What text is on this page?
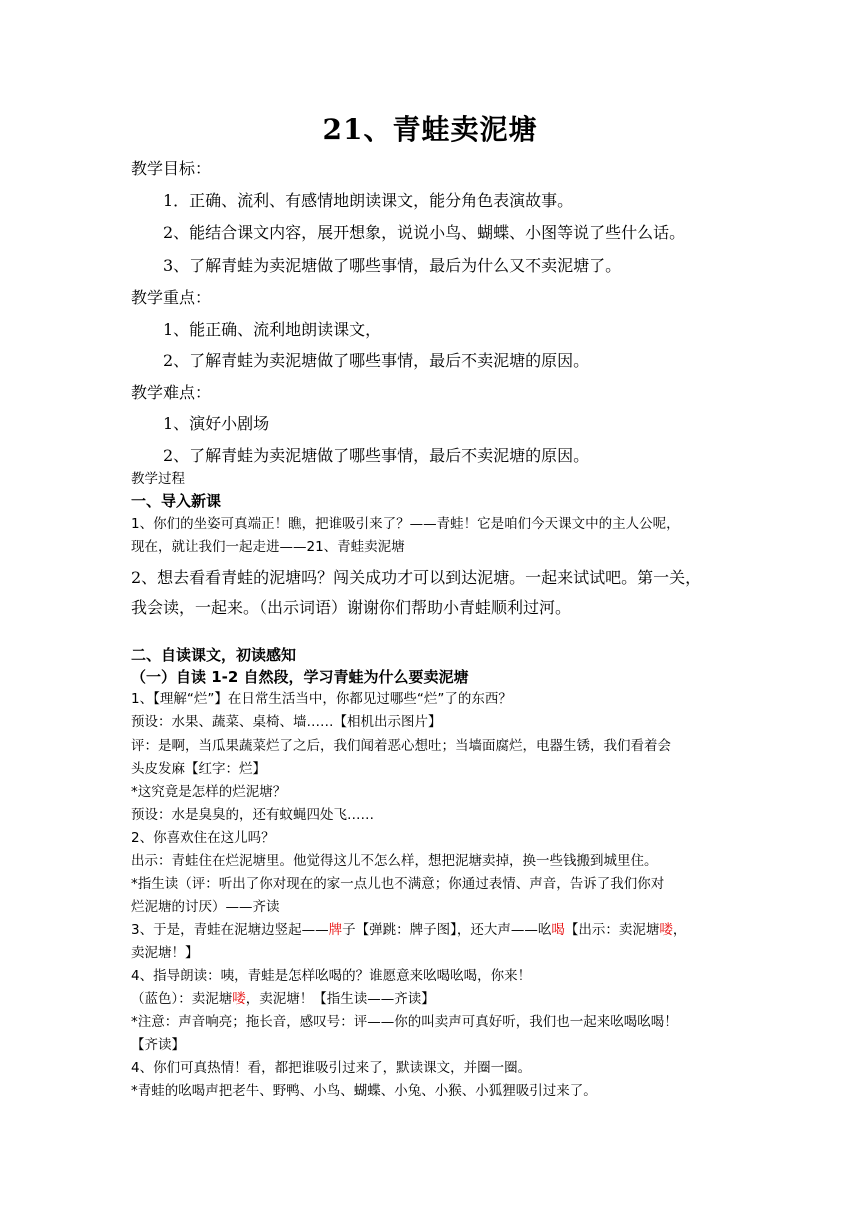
21、青蛙卖泥塘
教学目标：
1．正确、流利、有感情地朗读课文，能分角色表演故事。
2、能结合课文内容，展开想象，说说小鸟、蝴蝶、小图等说了些什么话。
3、了解青蛙为卖泥塘做了哪些事情，最后为什么又不卖泥塘了。
教学重点：
1、能正确、流利地朗读课文，
2、了解青蛙为卖泥塘做了哪些事情，最后不卖泥塘的原因。
教学难点：
1、演好小剧场
2、了解青蛙为卖泥塘做了哪些事情，最后不卖泥塘的原因。
教学过程
一、导入新课
1、你们的坐姿可真端正！瞧，把谁吸引来了？——青蛙！它是咱们今天课文中的主人公呢，
现在，就让我们一起走进——21、青蛙卖泥塘
2、想去看看青蛙的泥塘吗？闯关成功才可以到达泥塘。一起来试试吧。第一关，
我会读，一起来。（出示词语）谢谢你们帮助小青蛙顺利过河。
二、自读课文，初读感知
（一）自读 1-2 自然段，学习青蛙为什么要卖泥塘
1、【理解“烂”】在日常生活当中，你都见过哪些“烂”了的东西？
预设：水果、蔬菜、桌椅、墙……【相机出示图片】
评：是啊，当瓜果蔬菜烂了之后，我们闻着恶心想吐；当墙面腐烂，电器生锈，我们看着会
头皮发麻【红字：烂】
*这究竟是怎样的烂泥塘？
预设：水是臭臭的，还有蚊蝇四处飞……
2、你喜欢住在这儿吗？
出示：青蛙住在烂泥塘里。他觉得这儿不怎么样，想把泥塘卖掉，换一些钱搬到城里住。
*指生读（评：听出了你对现在的家一点儿也不满意；你通过表情、声音，告诉了我们你对
烂泥塘的讨厌）——齐读
3、于是，青蛙在泥塘边竖起——牌子【弹跳：牌子图】，还大声——吆喝【出示：卖泥塘喽，
卖泥塘！】
4、指导朗读：咦，青蛙是怎样吆喝的？谁愿意来吆喝吆喝，你来！
（蓝色）：卖泥塘喽，卖泥塘！【指生读——齐读】
*注意：声音响亮；拖长音，感叹号：评——你的叫卖声可真好听，我们也一起来吆喝吆喝！
【齐读】
4、你们可真热情！看，都把谁吸引过来了，默读课文，并圈一圈。
*青蛙的吆喝声把老牛、野鸭、小鸟、蝴蝶、小兔、小猴、小狐狸吸引过来了。
